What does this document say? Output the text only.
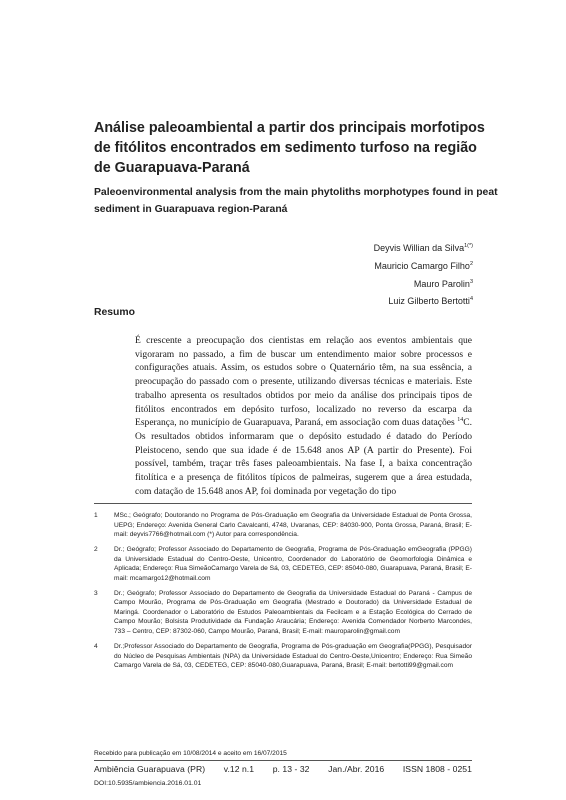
Análise paleoambiental a partir dos principais morfotipos de fitólitos encontrados em sedimento turfoso na região de Guarapuava-Paraná
Paleoenvironmental analysis from the main phytoliths morphotypes found in peat sediment in Guarapuava region-Paraná
Deyvis Willian da Silva$^{1(*)}$
Mauricio Camargo Filho$^2$
Mauro Parolin$^3$
Luiz Gilberto Bertotti$^4$
Resumo
É crescente a preocupação dos cientistas em relação aos eventos ambientais que vigoraram no passado, a fim de buscar um entendimento maior sobre processos e configurações atuais. Assim, os estudos sobre o Quaternário têm, na sua essência, a preocupação do passado com o presente, utilizando diversas técnicas e materiais. Este trabalho apresenta os resultados obtidos por meio da análise dos principais tipos de fitólitos encontrados em depósito turfoso, localizado no reverso da escarpa da Esperança, no município de Guarapuava, Paraná, em associação com duas datações $^{14}$C. Os resultados obtidos informaram que o depósito estudado é datado do Período Pleistoceno, sendo que sua idade é de 15.648 anos AP (A partir do Presente). Foi possível, também, traçar três fases paleoambientais. Na fase I, a baixa concentração fitolítica e a presença de fitólitos típicos de palmeiras, sugerem que a área estudada, com datação de 15.648 anos AP, foi dominada por vegetação do tipo
1	MSc.; Geógrafo; Doutorando no Programa de Pós-Graduação em Geografia da Universidade Estadual de Ponta Grossa, UEPG; Endereço: Avenida General Carlo Cavalcanti, 4748, Uvaranas, CEP: 84030-900, Ponta Grossa, Paraná, Brasil; E-mail: deyvis7766@hotmail.com (*) Autor para correspondência.
2	Dr.; Geógrafo; Professor Associado do Departamento de Geografia, Programa de Pós-Graduação emGeografia (PPGG) da Universidade Estadual do Centro-Oeste, Unicentro, Coordenador do Laboratório de Geomorfologia Dinâmica e Aplicada; Endereço: Rua SimeãoCamargo Varela de Sá, 03, CEDETEG, CEP: 85040-080, Guarapuava, Paraná, Brasil; E-mail: mcamargo12@hotmail.com
3	Dr.; Geógrafo; Professor Associado do Departamento de Geografia da Universidade Estadual do Paraná - Campus de Campo Mourão, Programa de Pós-Graduação em Geografia (Mestrado e Doutorado) da Universidade Estadual de Maringá. Coordenador o Laboratório de Estudos Paleoambientais da Fecilcam e a Estação Ecológica do Cerrado de Campo Mourão; Bolsista Produtividade da Fundação Araucária; Endereço: Avenida Comendador Norberto Marcondes, 733 – Centro, CEP: 87302-060, Campo Mourão, Paraná, Brasil; E-mail: mauroparolin@gmail.com
4	Dr.;Professor Associado do Departamento de Geografia, Programa de Pós-graduação em Geografia(PPGG), Pesquisador do Núcleo de Pesquisas Ambientais (NPA) da Universidade Estadual do Centro-Oeste,Unicentro; Endereço: Rua Simeão Camargo Varela de Sá, 03, CEDETEG, CEP: 85040-080,Guarapuava, Paraná, Brasil; E-mail: bertotti99@gmail.com
Recebido para publicação em 10/08/2014 e aceito em 16/07/2015
Ambiência Guarapuava (PR) v.12 n.1 p. 13 - 32 Jan./Abr. 2016 ISSN 1808 - 0251
DOI:10.5935/ambiencia.2016.01.01
